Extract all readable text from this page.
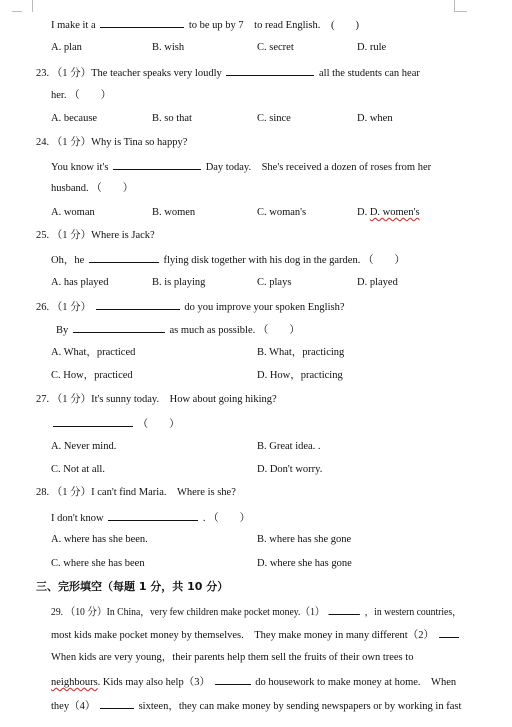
I make it a	to be up by 7　to read English. (　　)
A. plan	B. wish	C. secret	D. rule
23. （1 分）The teacher speaks very loudly	all the students can hear
her. （　　）
A. because	B. so that	C. since	D. when
24. （1 分）Why is Tina so happy?
You know it's	Day today.　She's received a dozen of roses from her
husband. （　　）
A. woman	B. women	C. woman's	D. D. women's
25. （1 分）Where is Jack?
Oh，he	flying disk together with his dog in the garden. （　　）
A. has played	B. is playing	C. plays	D. played
26. （1 分）	do you improve your spoken English?
By	as much as possible. （　　）
A. What，practiced	B. What，practicing
C. How，practiced	D. How，practicing
27. （1 分）It's sunny today.　How about going hiking?
（　　）
A. Never mind.	B. Great idea. .
C. Not at all.	D. Don't worry.
28. （1 分）I can't find Maria.　Where is she?
I don't know	. （　　）
A. where has she been.	B. where has she gone
C. where she has been	D. where she has gone
三、完形填空（每题 1 分，共 10 分）
29. （10 分）In China，very few children make pocket money.（1）	，in western countries，
most kids make pocket money by themselves.　They make money in many different（2）
When kids are very young，their parents help them sell the fruits of their own trees to
neighbours. Kids may also help（3）	do housework to make money at home.　When
they（4）	sixteen，they can make money by sending newspapers or by working in fast
